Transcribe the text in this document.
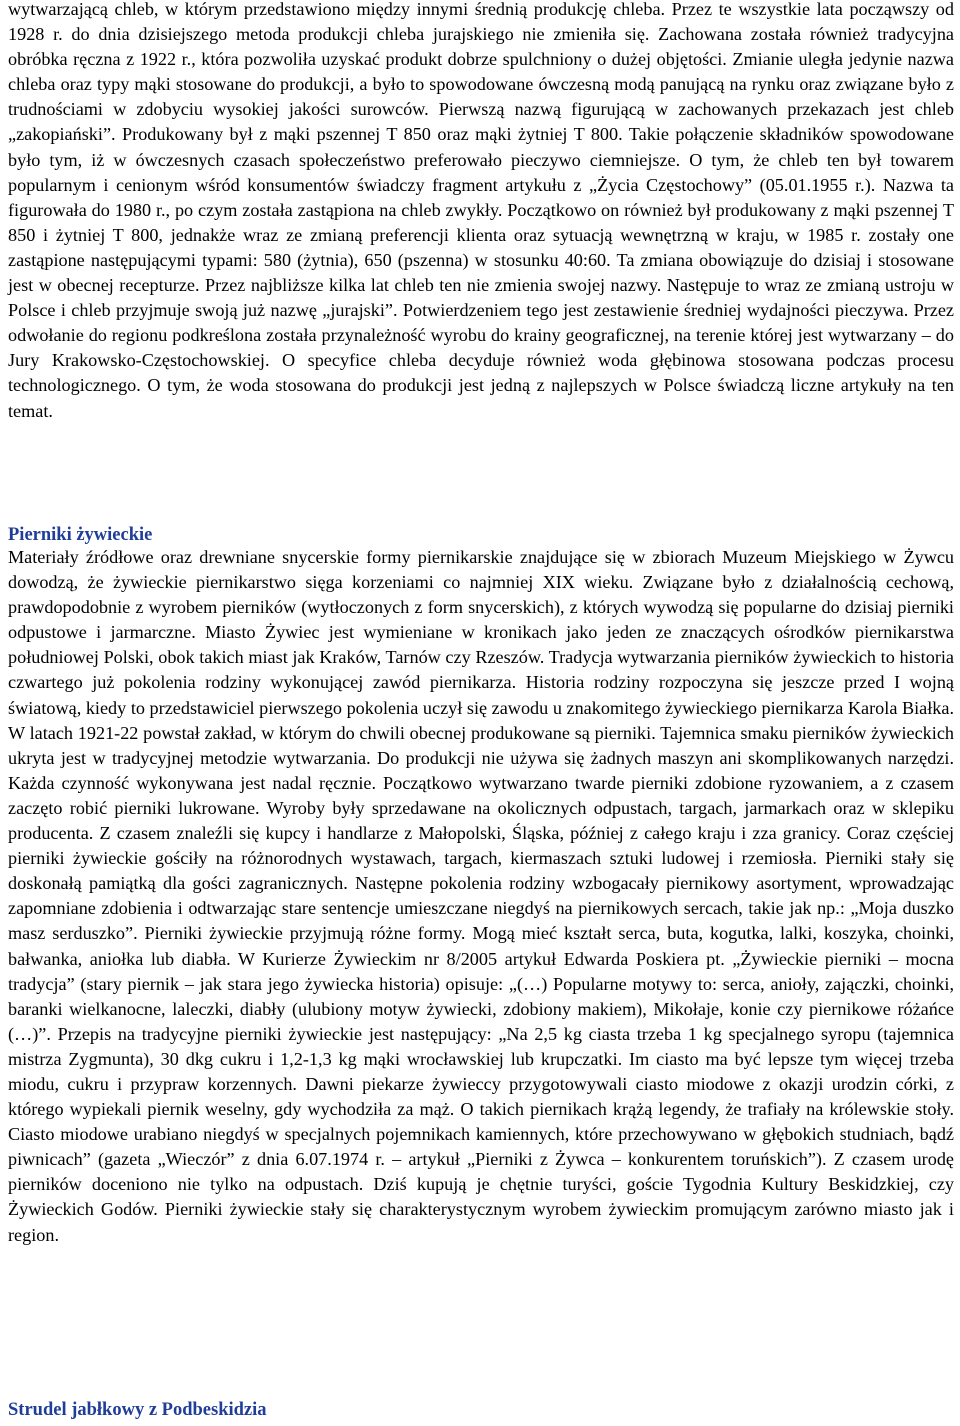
wytwarzającą chleb, w którym przedstawiono między innymi średnią produkcję chleba. Przez te wszystkie lata począwszy od 1928 r. do dnia dzisiejszego metoda produkcji chleba jurajskiego nie zmieniła się. Zachowana została również tradycyjna obróbka ręczna z 1922 r., która pozwoliła uzyskać produkt dobrze spulchniony o dużej objętości. Zmianie uległa jedynie nazwa chleba oraz typy mąki stosowane do produkcji, a było to spowodowane ówczesną modą panującą na rynku oraz związane było z trudnościami w zdobyciu wysokiej jakości surowców. Pierwszą nazwą figurującą w zachowanych przekazach jest chleb „zakopiański”. Produkowany był z mąki pszennej T 850 oraz mąki żytniej T 800. Takie połączenie składników spowodowane było tym, iż w ówczesnych czasach społeczeństwo preferowało pieczywo ciemniejsze. O tym, że chleb ten był towarem popularnym i cenionym wśród konsumentów świadczy fragment artykułu z „Życia Częstochowy” (05.01.1955 r.). Nazwa ta figurowała do 1980 r., po czym została zastąpiona na chleb zwykły. Początkowo on również był produkowany z mąki pszennej T 850 i żytniej T 800, jednakże wraz ze zmianą preferencji klienta oraz sytuacją wewnętrzną w kraju, w 1985 r. zostały one zastąpione następującymi typami: 580 (żytnia), 650 (pszenna) w stosunku 40:60. Ta zmiana obowiązuje do dzisiaj i stosowane jest w obecnej recepturze. Przez najbliższe kilka lat chleb ten nie zmienia swojej nazwy. Następuje to wraz ze zmianą ustroju w Polsce i chleb przyjmuje swoją już nazwę „jurajski”. Potwierdzeniem tego jest zestawienie średniej wydajności pieczywa. Przez odwołanie do regionu podkreślona została przynależność wyrobu do krainy geograficznej, na terenie której jest wytwarzany – do Jury Krakowsko-Częstochowskiej. O specyfice chleba decyduje również woda głębinowa stosowana podczas procesu technologicznego. O tym, że woda stosowana do produkcji jest jedną z najlepszych w Polsce świadczą liczne artykuły na ten temat.

Pierniki żywieckie

Materiały źródłowe oraz drewniane snycerskie formy piernikarskie znajdujące się w zbiorach Muzeum Miejskiego w Żywcu dowodzą, że żywieckie piernikarstwo sięga korzeniami co najmniej XIX wieku. Związane było z działalnością cechową, prawdopodobnie z wyrobem pierników (wytłoczonych z form snycerskich), z których wywodzą się popularne do dzisiaj pierniki odpustowe i jarmarczne. Miasto Żywiec jest wymieniane w kronikach jako jeden ze znaczących ośrodków piernikarstwa południowej Polski, obok takich miast jak Kraków, Tarnów czy Rzeszów. Tradycja wytwarzania pierników żywieckich to historia czwartego już pokolenia rodziny wykonującej zawód piernikarza. Historia rodziny rozpoczyna się jeszcze przed I wojną światową, kiedy to przedstawiciel pierwszego pokolenia uczył się zawodu u znakomitego żywieckiego piernikarza Karola Białka. W latach 1921-22 powstał zakład, w którym do chwili obecnej produkowane są pierniki. Tajemnica smaku pierników żywieckich ukryta jest w tradycyjnej metodzie wytwarzania. Do produkcji nie używa się żadnych maszyn ani skomplikowanych narzędzi. Każda czynność wykonywana jest nadal ręcznie. Początkowo wytwarzano twarde pierniki zdobione ryzowaniem, a z czasem zaczęto robić pierniki lukrowane. Wyroby były sprzedawane na okolicznych odpustach, targach, jarmarkach oraz w sklepiku producenta. Z czasem znaleźli się kupcy i handlarze z Małopolski, Śląska, później z całego kraju i zza granicy. Coraz częściej pierniki żywieckie gościły na różnorodnych wystawach, targach, kiermaszach sztuki ludowej i rzemiosła. Pierniki stały się doskonałą pamiątką dla gości zagranicznych. Następne pokolenia rodziny wzbogacały piernikowy asortyment, wprowadzając zapomniane zdobienia i odtwarzając stare sentencje umieszczane niegdyś na piernikowych sercach, takie jak np.: „Moja duszko masz serduszko”. Pierniki żywieckie przyjmują różne formy. Mogą mieć kształt serca, buta, kogutka, lalki, koszyka, choinki, bałwanka, aniołka lub diabła. W Kurierze Żywieckim nr 8/2005 artykuł Edwarda Poskiera pt. „Żywieckie pierniki – mocna tradycja” (stary piernik – jak stara jego żywiecka historia) opisuje: „(…) Popularne motywy to: serca, anioły, zajączki, choinki, baranki wielkanocne, laleczki, diabły (ulubiony motyw żywiecki, zdobiony makiem), Mikołaje, konie czy piernikowe różańce (…)”. Przepis na tradycyjne pierniki żywieckie jest następujący: „Na 2,5 kg ciasta trzeba 1 kg specjalnego syropu (tajemnica mistrza Zygmunta), 30 dkg cukru i 1,2-1,3 kg mąki wrocławskiej lub krupczatki. Im ciasto ma być lepsze tym więcej trzeba miodu, cukru i przypraw korzennych. Dawni piekarze żywieccy przygotowywali ciasto miodowe z okazji urodzin córki, z którego wypiekali piernik weselny, gdy wychodziła za mąż. O takich piernikach krążą legendy, że trafiały na królewskie stoły. Ciasto miodowe urabiano niegdyś w specjalnych pojemnikach kamiennych, które przechowywano w głębokich studniach, bądź piwnicach” (gazeta „Wieczór” z dnia 6.07.1974 r. – artykuł „Pierniki z Żywca – konkurentem toruńskich”). Z czasem urodę pierników doceniono nie tylko na odpustach. Dziś kupują je chętnie turyści, goście Tygodnia Kultury Beskidzkiej, czy Żywieckich Godów. Pierniki żywieckie stały się charakterystycznym wyrobem żywieckim promującym zarówno miasto jak i region.

Strudel jabłkowy z Podbeskidzia
